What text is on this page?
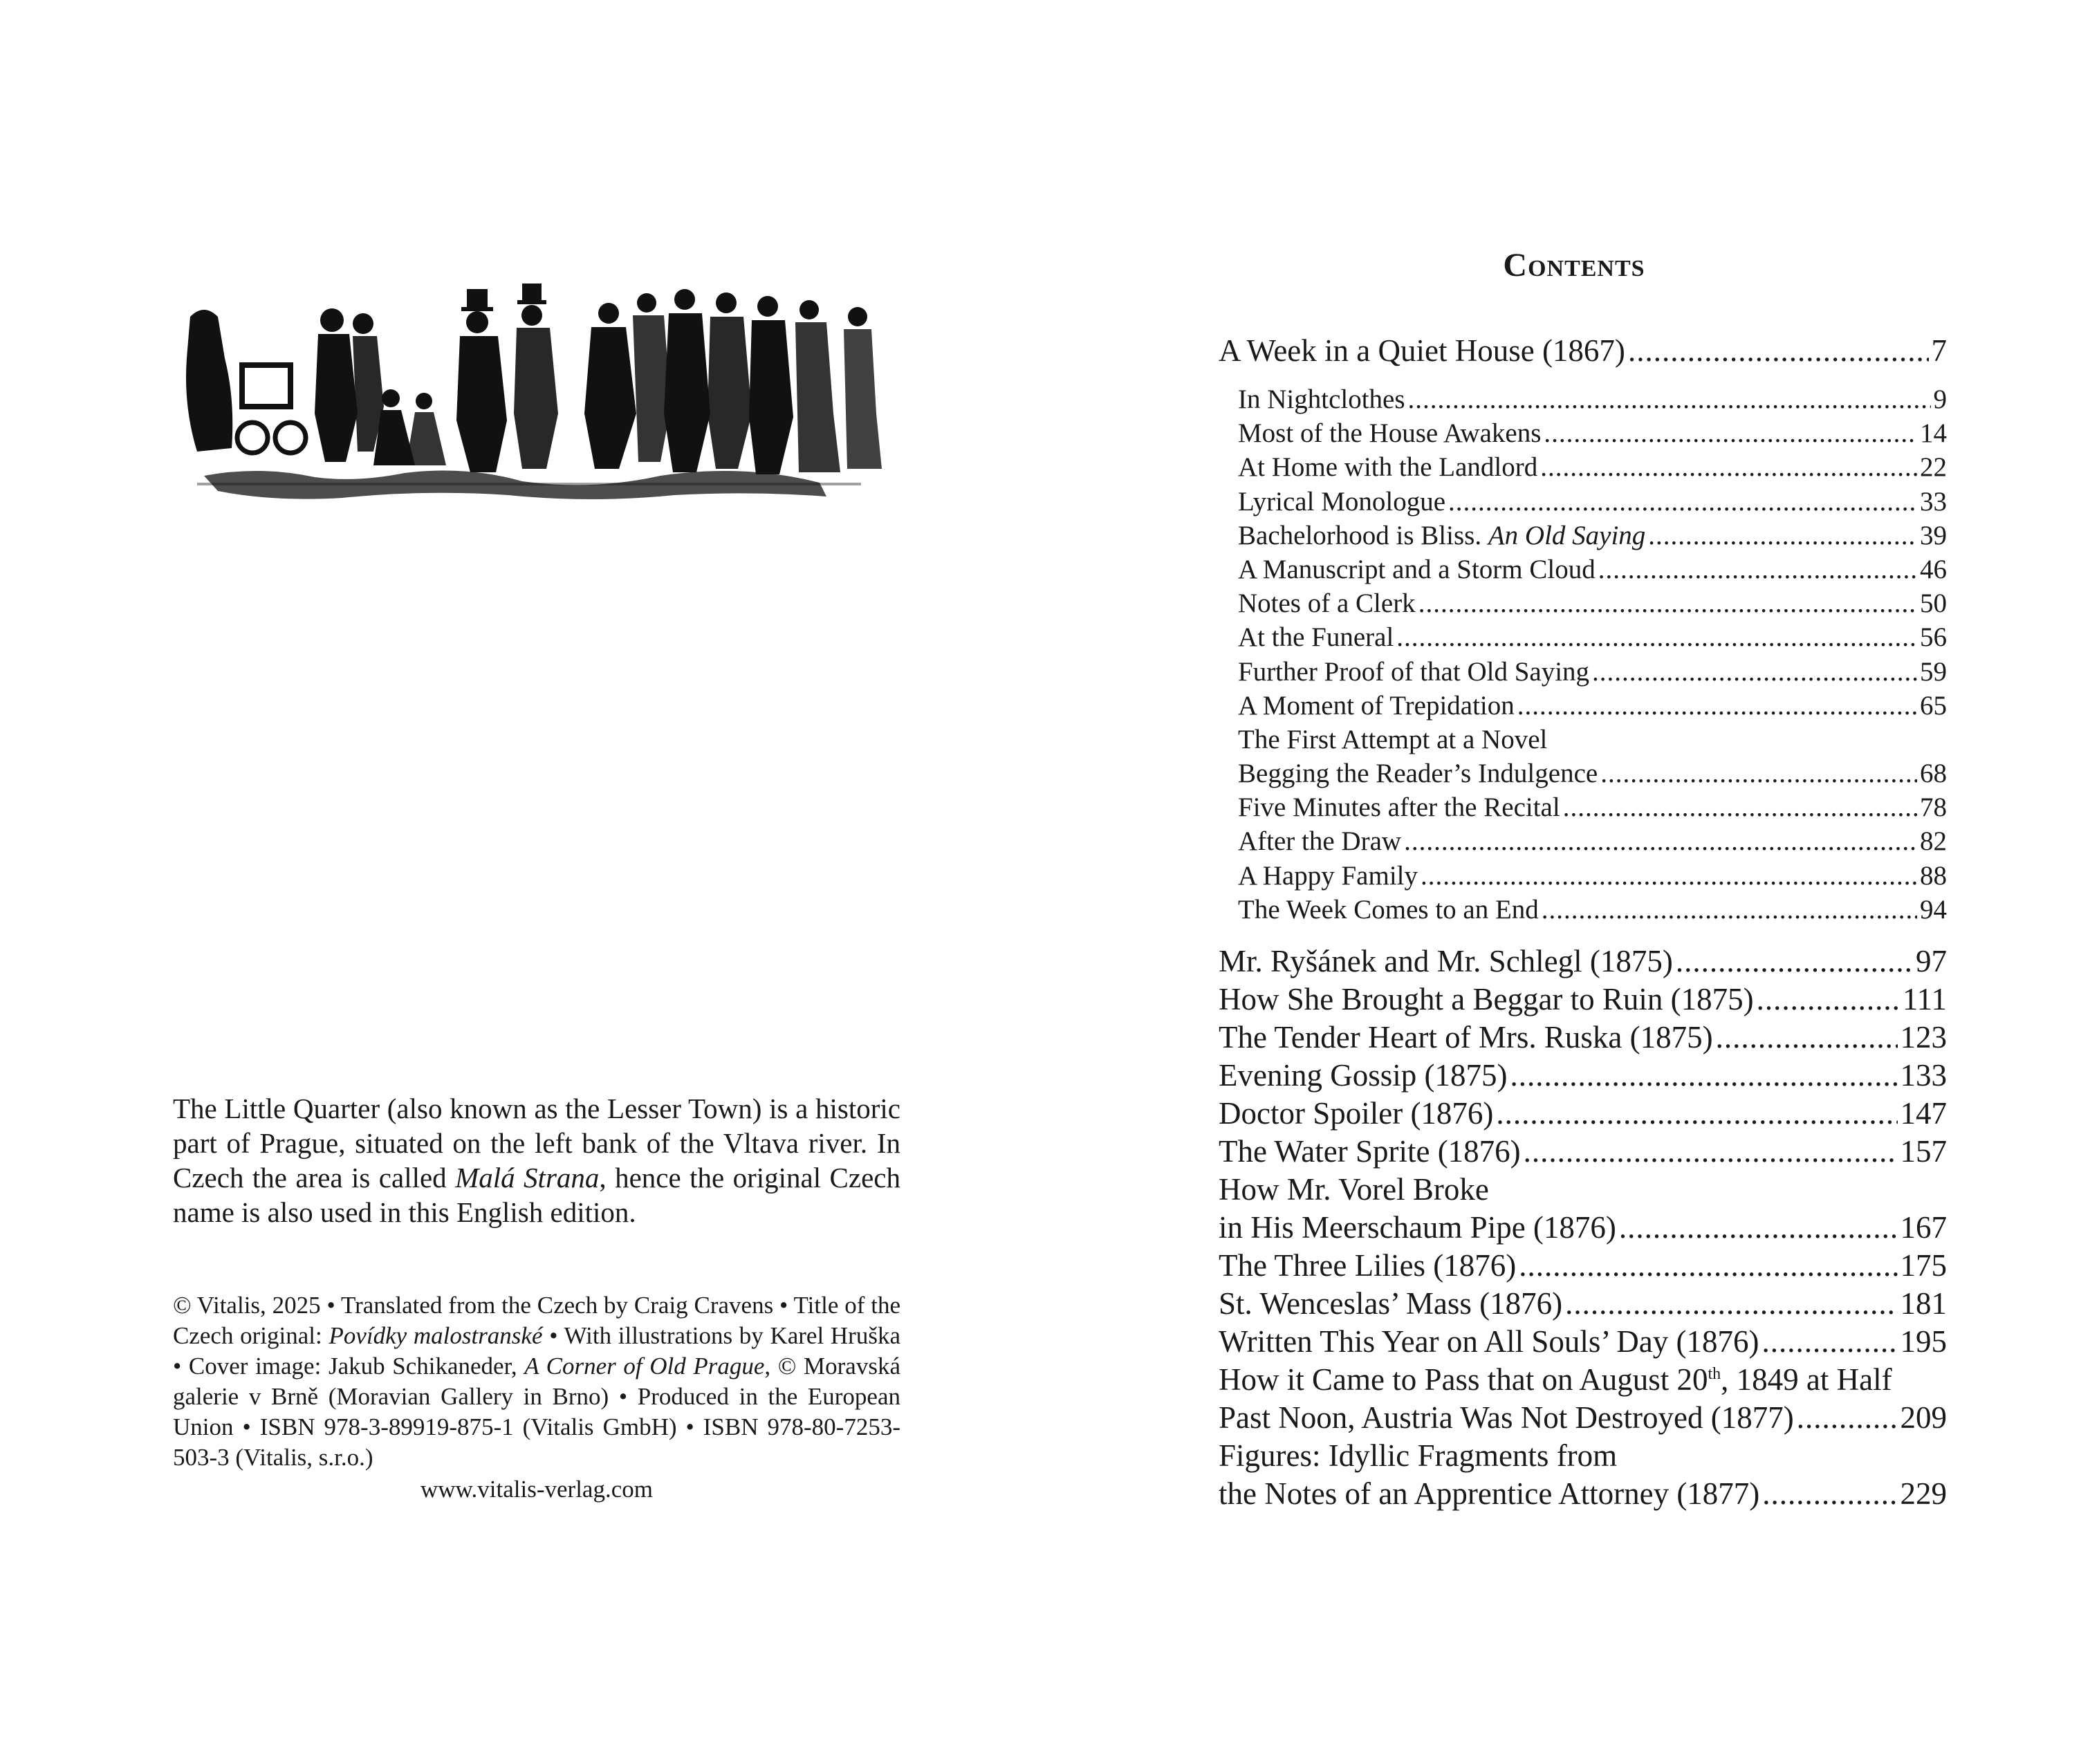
The Little Quarter (also known as the Lesser Town) is a historic part of Prague, situated on the left bank of the Vltava river. In Czech the area is called Malá Strana, hence the original Czech name is also used in this English edition.

© Vitalis, 2025 • Translated from the Czech by Craig Cravens • Title of the Czech original: Povídky malostranské • With illustrations by Karel Hruška • Cover image: Jakub Schikaneder, A Corner of Old Prague, © Moravská galerie v Brně (Moravian Gallery in Brno) • Produced in the European Union • ISBN 978-3-89919-875-1 (Vitalis GmbH) • ISBN 978-80-7253-503-3 (Vitalis, s.r.o.)

www.vitalis-verlag.com

Contents
A Week in a Quiet House (1867) .....	7
In Nightclothes .....	9
Most of the House Awakens .....	14
At Home with the Landlord .....	22
Lyrical Monologue .....	33
Bachelorhood is Bliss. An Old Saying .....	39
A Manuscript and a Storm Cloud .....	46
Notes of a Clerk .....	50
At the Funeral .....	56
Further Proof of that Old Saying .....	59
A Moment of Trepidation .....	65
The First Attempt at a Novel
Begging the Reader’s Indulgence .....	68
Five Minutes after the Recital .....	78
After the Draw .....	82
A Happy Family .....	88
The Week Comes to an End .....	94
Mr. Ryšánek and Mr. Schlegl (1875) .....	97
How She Brought a Beggar to Ruin (1875) .....	111
The Tender Heart of Mrs. Ruska (1875) .....	123
Evening Gossip (1875) .....	133
Doctor Spoiler (1876) .....	147
The Water Sprite (1876) .....	157
How Mr. Vorel Broke
in His Meerschaum Pipe (1876) .....	167
The Three Lilies (1876) .....	175
St. Wenceslas’ Mass (1876) .....	181
Written This Year on All Souls’ Day (1876) .....	195
How it Came to Pass that on August 20th, 1849 at Half
Past Noon, Austria Was Not Destroyed (1877) .....	209
Figures: Idyllic Fragments from
the Notes of an Apprentice Attorney (1877) .....	229
